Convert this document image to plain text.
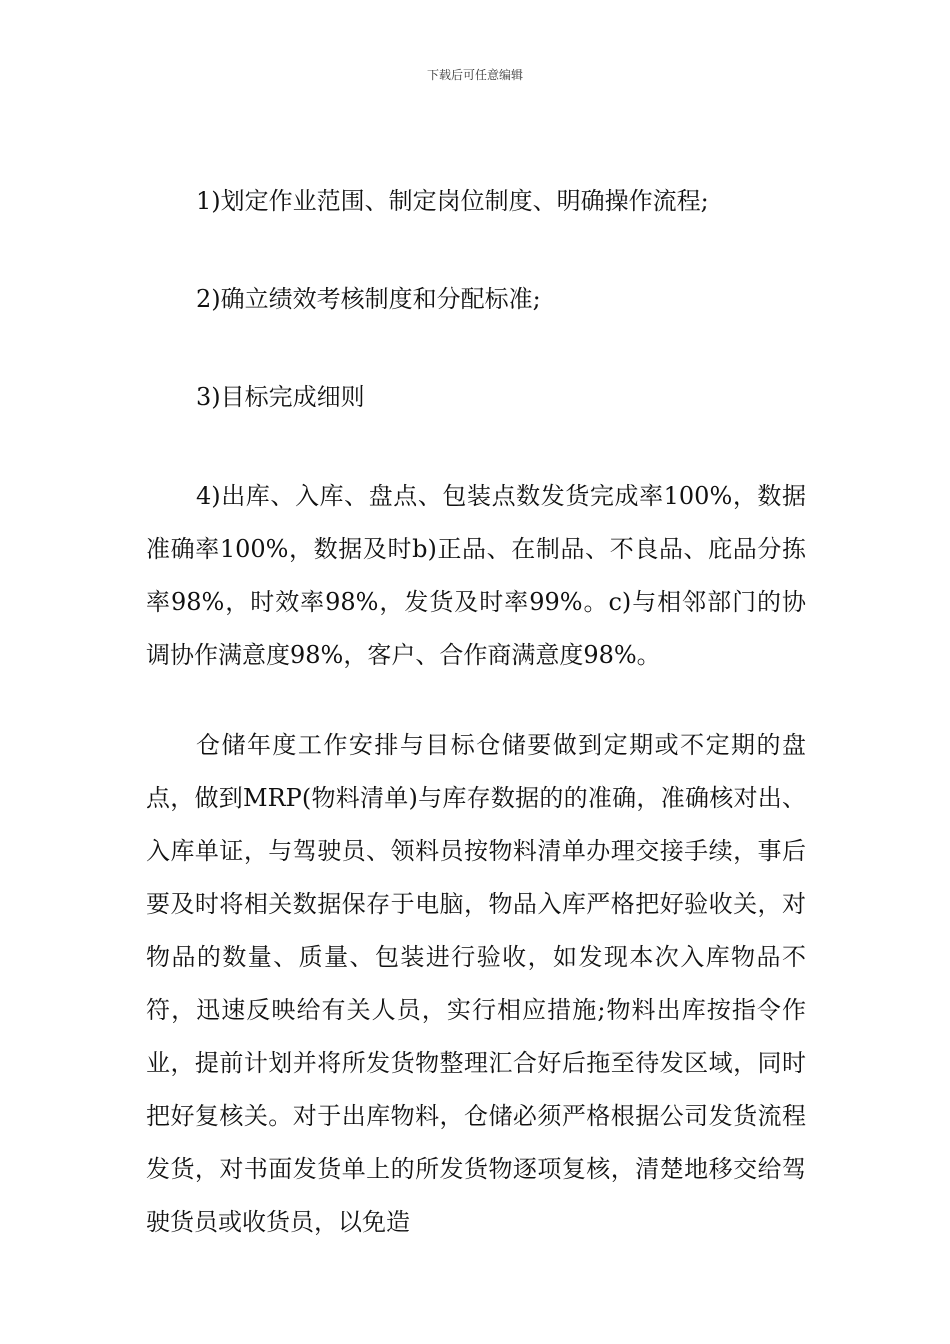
下载后可任意编辑

1)划定作业范围、制定岗位制度、明确操作流程;

2)确立绩效考核制度和分配标准;

3)目标完成细则

4)出库、入库、盘点、包装点数发货完成率100%，数据准确率100%，数据及时b)正品、在制品、不良品、庇品分拣率98%，时效率98%，发货及时率99%。c)与相邻部门的协调协作满意度98%，客户、合作商满意度98%。

仓储年度工作安排与目标仓储要做到定期或不定期的盘点，做到MRP(物料清单)与库存数据的的准确，准确核对出、入库单证，与驾驶员、领料员按物料清单办理交接手续，事后要及时将相关数据保存于电脑，物品入库严格把好验收关，对物品的数量、质量、包装进行验收，如发现本次入库物品不符，迅速反映给有关人员，实行相应措施;物料出库按指令作业，提前计划并将所发货物整理汇合好后拖至待发区域，同时把好复核关。对于出库物料，仓储必须严格根据公司发货流程发货，对书面发货单上的所发货物逐项复核，清楚地移交给驾驶货员或收货员，以免造
